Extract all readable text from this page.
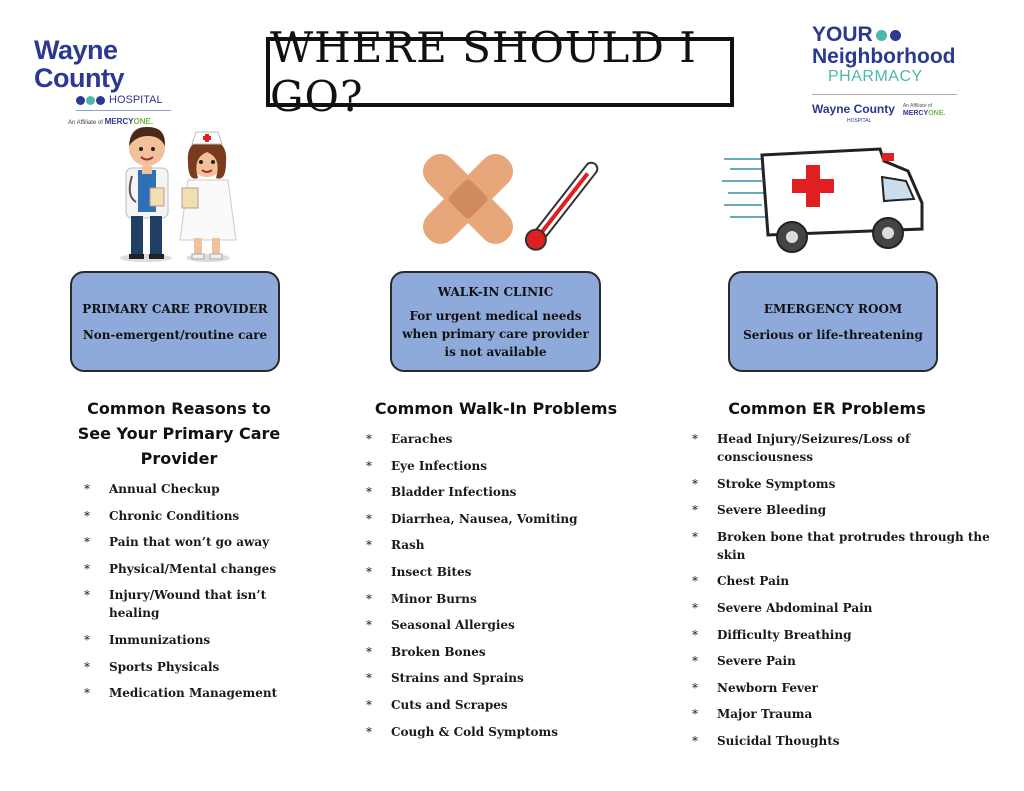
Wayne County
HOSPITAL
An Affiliate of MERCYONE.
WHERE SHOULD I GO?
YOUR
Neighborhood
PHARMACY
Wayne County
HOSPITAL
An Affiliate of
MERCYONE.
PRIMARY CARE PROVIDER
Non-emergent/routine care
WALK-IN CLINIC
For urgent medical needs
when primary care provider
is not available
EMERGENCY ROOM
Serious or life-threatening
Common Reasons to
See Your Primary Care
Provider
Common Walk-In Problems	Common ER Problems
* Annual Checkup
* Chronic Conditions
* Pain that won’t go away
* Physical/Mental changes
* Injury/Wound that isn’t healing
* Immunizations
* Sports Physicals
* Medication Management
* Earaches
* Eye Infections
* Bladder Infections
* Diarrhea, Nausea, Vomiting
* Rash
* Insect Bites
* Minor Burns
* Seasonal Allergies
* Broken Bones
* Strains and Sprains
* Cuts and Scrapes
* Cough & Cold Symptoms
* Head Injury/Seizures/Loss of consciousness
* Stroke Symptoms
* Severe Bleeding
* Broken bone that protrudes through the skin
* Chest Pain
* Severe Abdominal Pain
* Difficulty Breathing
* Severe Pain
* Newborn Fever
* Major Trauma
* Suicidal Thoughts
